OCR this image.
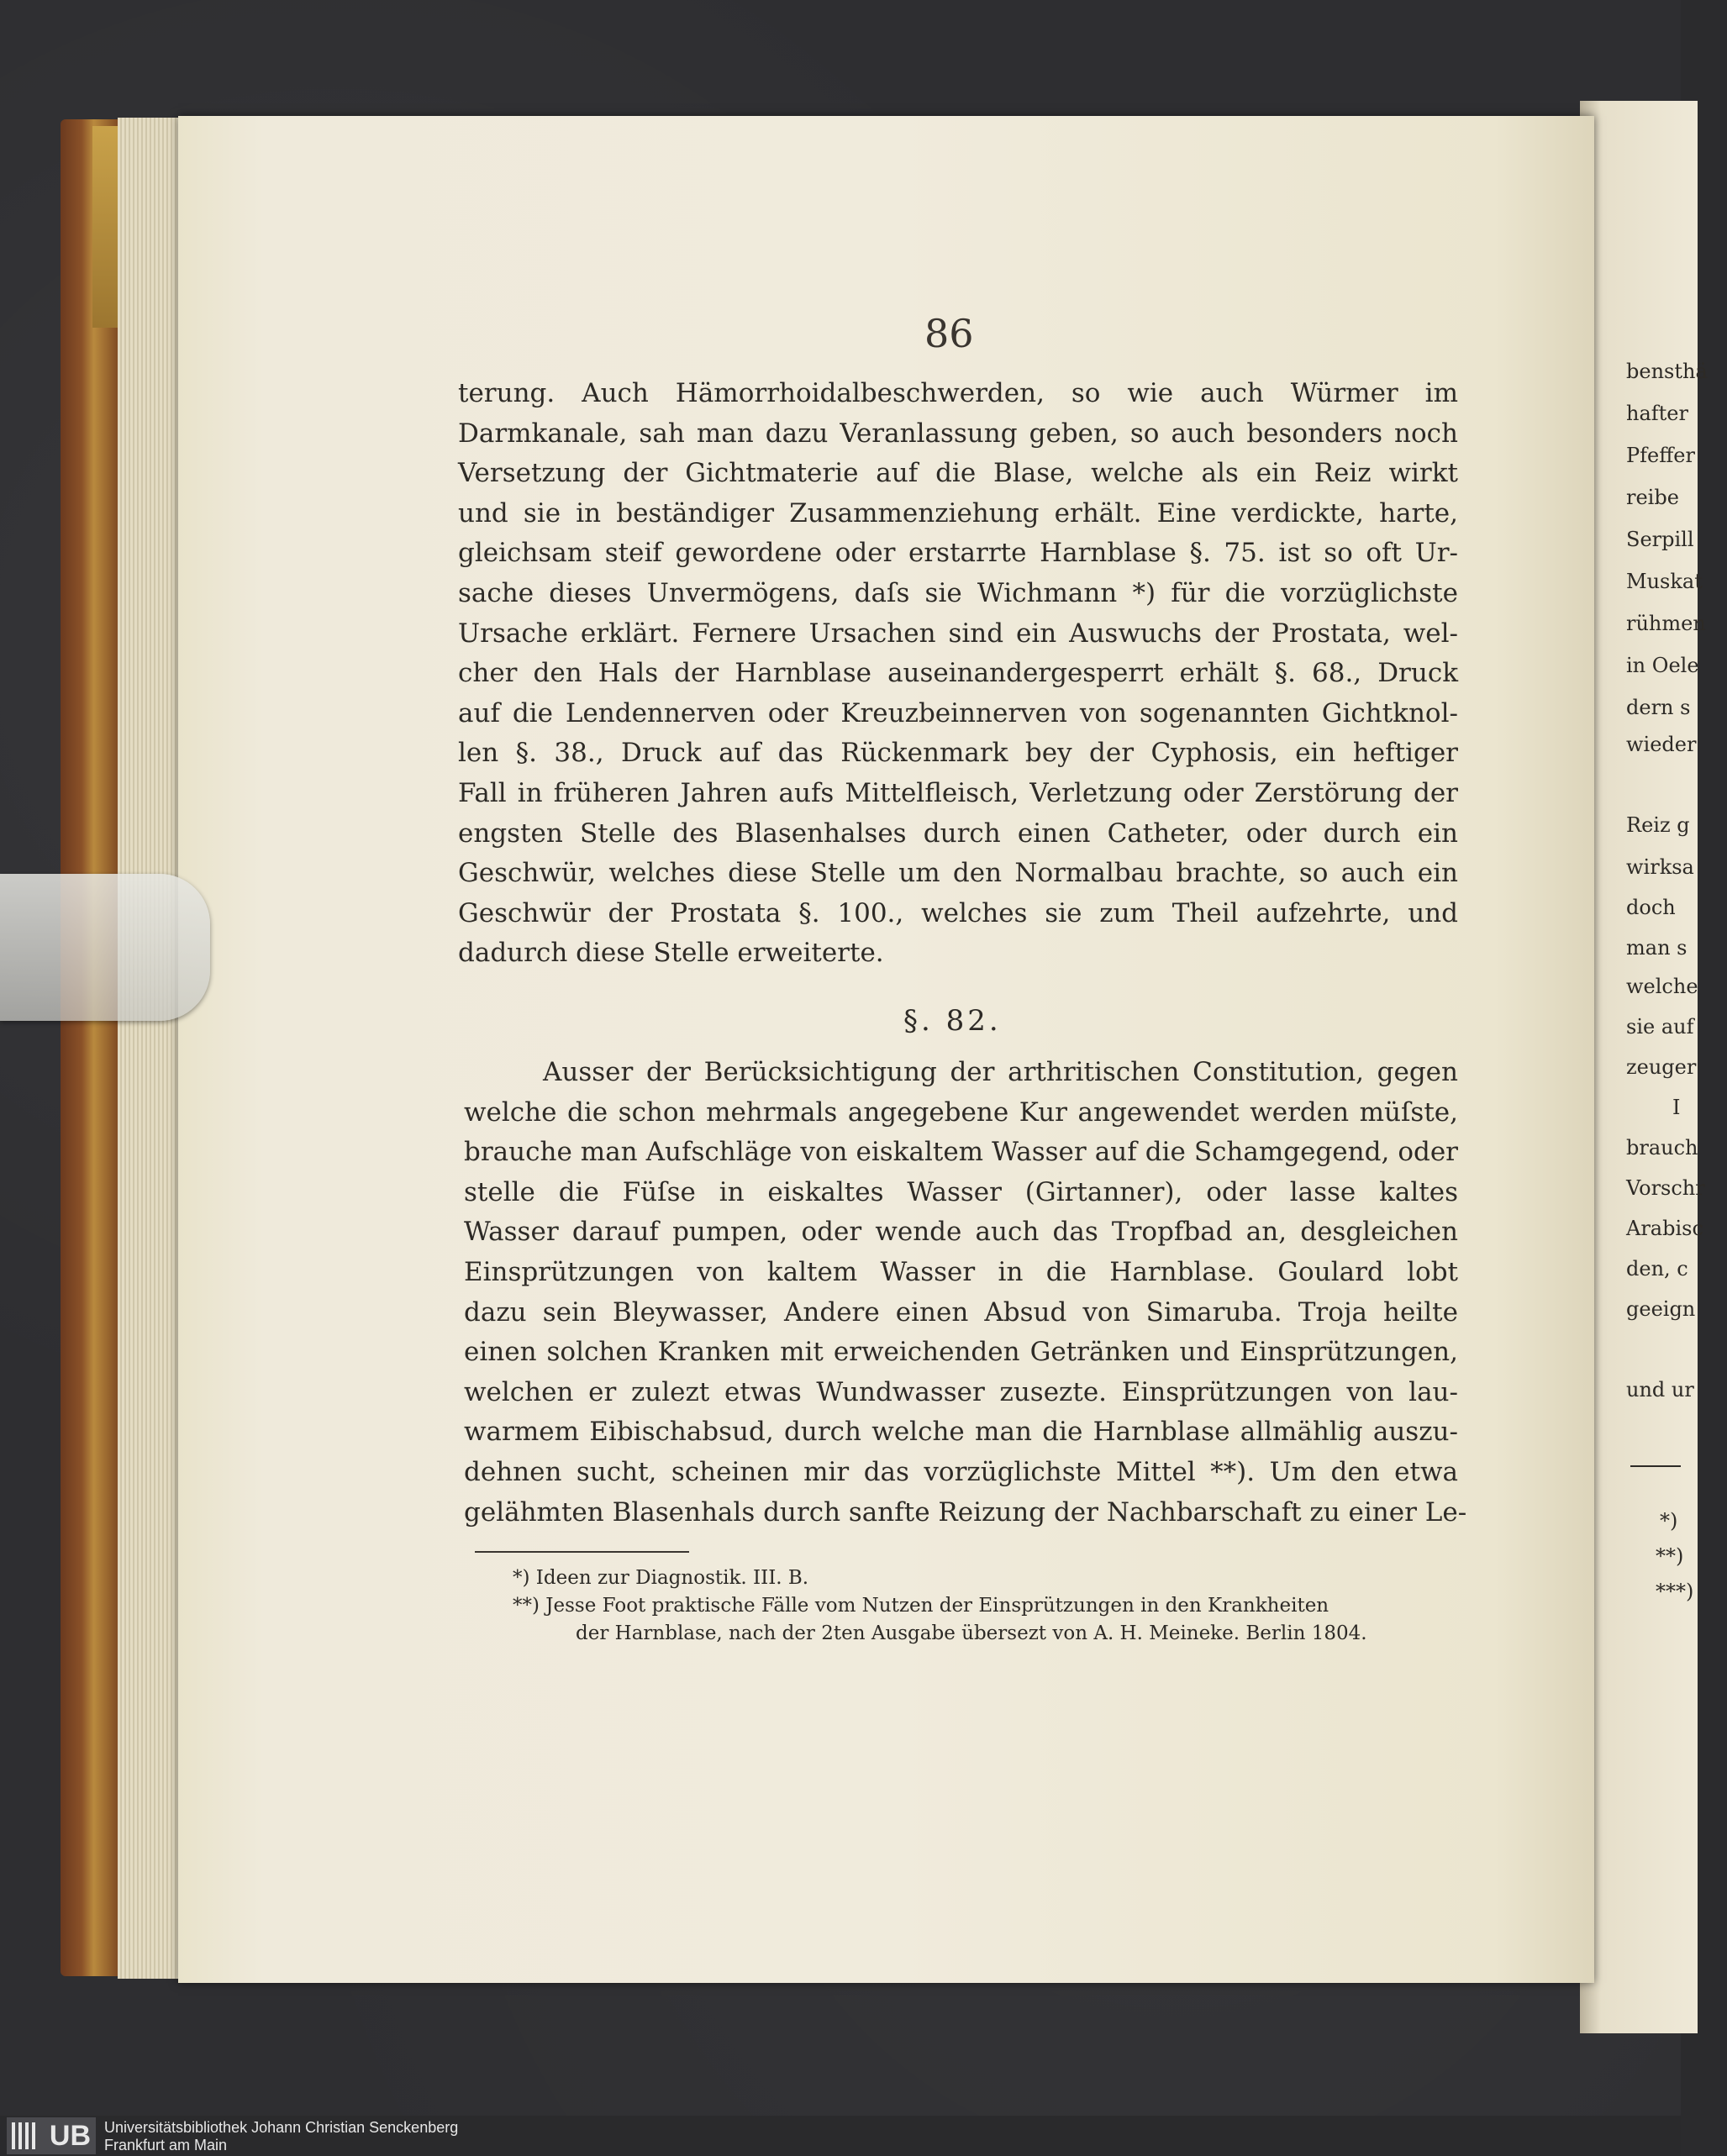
86
terung. Auch Hämorrhoidalbeschwerden, so wie auch Würmer im
Darmkanale, sah man dazu Veranlassung geben, so auch besonders noch
Versetzung der Gichtmaterie auf die Blase, welche als ein Reiz wirkt
und sie in beständiger Zusammenziehung erhält. Eine verdickte, harte,
gleichsam steif gewordene oder erstarrte Harnblase §. 75. ist so oft Ur-
sache dieses Unvermögens, daſs sie Wichmann *) für die vorzüglichste
Ursache erklärt. Fernere Ursachen sind ein Auswuchs der Prostata, wel-
cher den Hals der Harnblase auseinandergesperrt erhält §. 68., Druck
auf die Lendennerven oder Kreuzbeinnerven von sogenannten Gichtknol-
len §. 38., Druck auf das Rückenmark bey der Cyphosis, ein heftiger
Fall in früheren Jahren aufs Mittelfleisch, Verletzung oder Zerstörung der
engsten Stelle des Blasenhalses durch einen Catheter, oder durch ein
Geschwür, welches diese Stelle um den Normalbau brachte, so auch ein
Geschwür der Prostata §. 100., welches sie zum Theil aufzehrte, und
dadurch diese Stelle erweiterte.
§. 82.
Ausser der Berücksichtigung der arthritischen Constitution, gegen
welche die schon mehrmals angegebene Kur angewendet werden müſste,
brauche man Aufschläge von eiskaltem Wasser auf die Schamgegend, oder
stelle die Füſse in eiskaltes Wasser (Girtanner), oder lasse kaltes
Wasser darauf pumpen, oder wende auch das Tropfbad an, desgleichen
Einsprützungen von kaltem Wasser in die Harnblase. Goulard lobt
dazu sein Bleywasser, Andere einen Absud von Simaruba. Troja heilte
einen solchen Kranken mit erweichenden Getränken und Einsprützungen,
welchen er zulezt etwas Wundwasser zusezte. Einsprützungen von lau-
warmem Eibischabsud, durch welche man die Harnblase allmählig auszu-
dehnen sucht, scheinen mir das vorzüglichste Mittel **). Um den etwa
gelähmten Blasenhals durch sanfte Reizung der Nachbarschaft zu einer Le-
*) Ideen zur Diagnostik. III. B.
**) Jesse Foot praktische Fälle vom Nutzen der Einsprützungen in den Krankheiten
der Harnblase, nach der 2ten Ausgabe übersezt von A. H. Meineke. Berlin 1804.
bensthä
hafter
Pfeffer
reibe
Serpill
Muskat
rühmen
in Oele
dern s
wieder
Reiz g
wirksa
doch
man s
welche
sie auf
zeuger
I
brauch
Vorschr
Arabisc
den, c
geeign
und ur
*)
**)
***)
UB Universitätsbibliothek Johann Christian Senckenberg
Frankfurt am Main
